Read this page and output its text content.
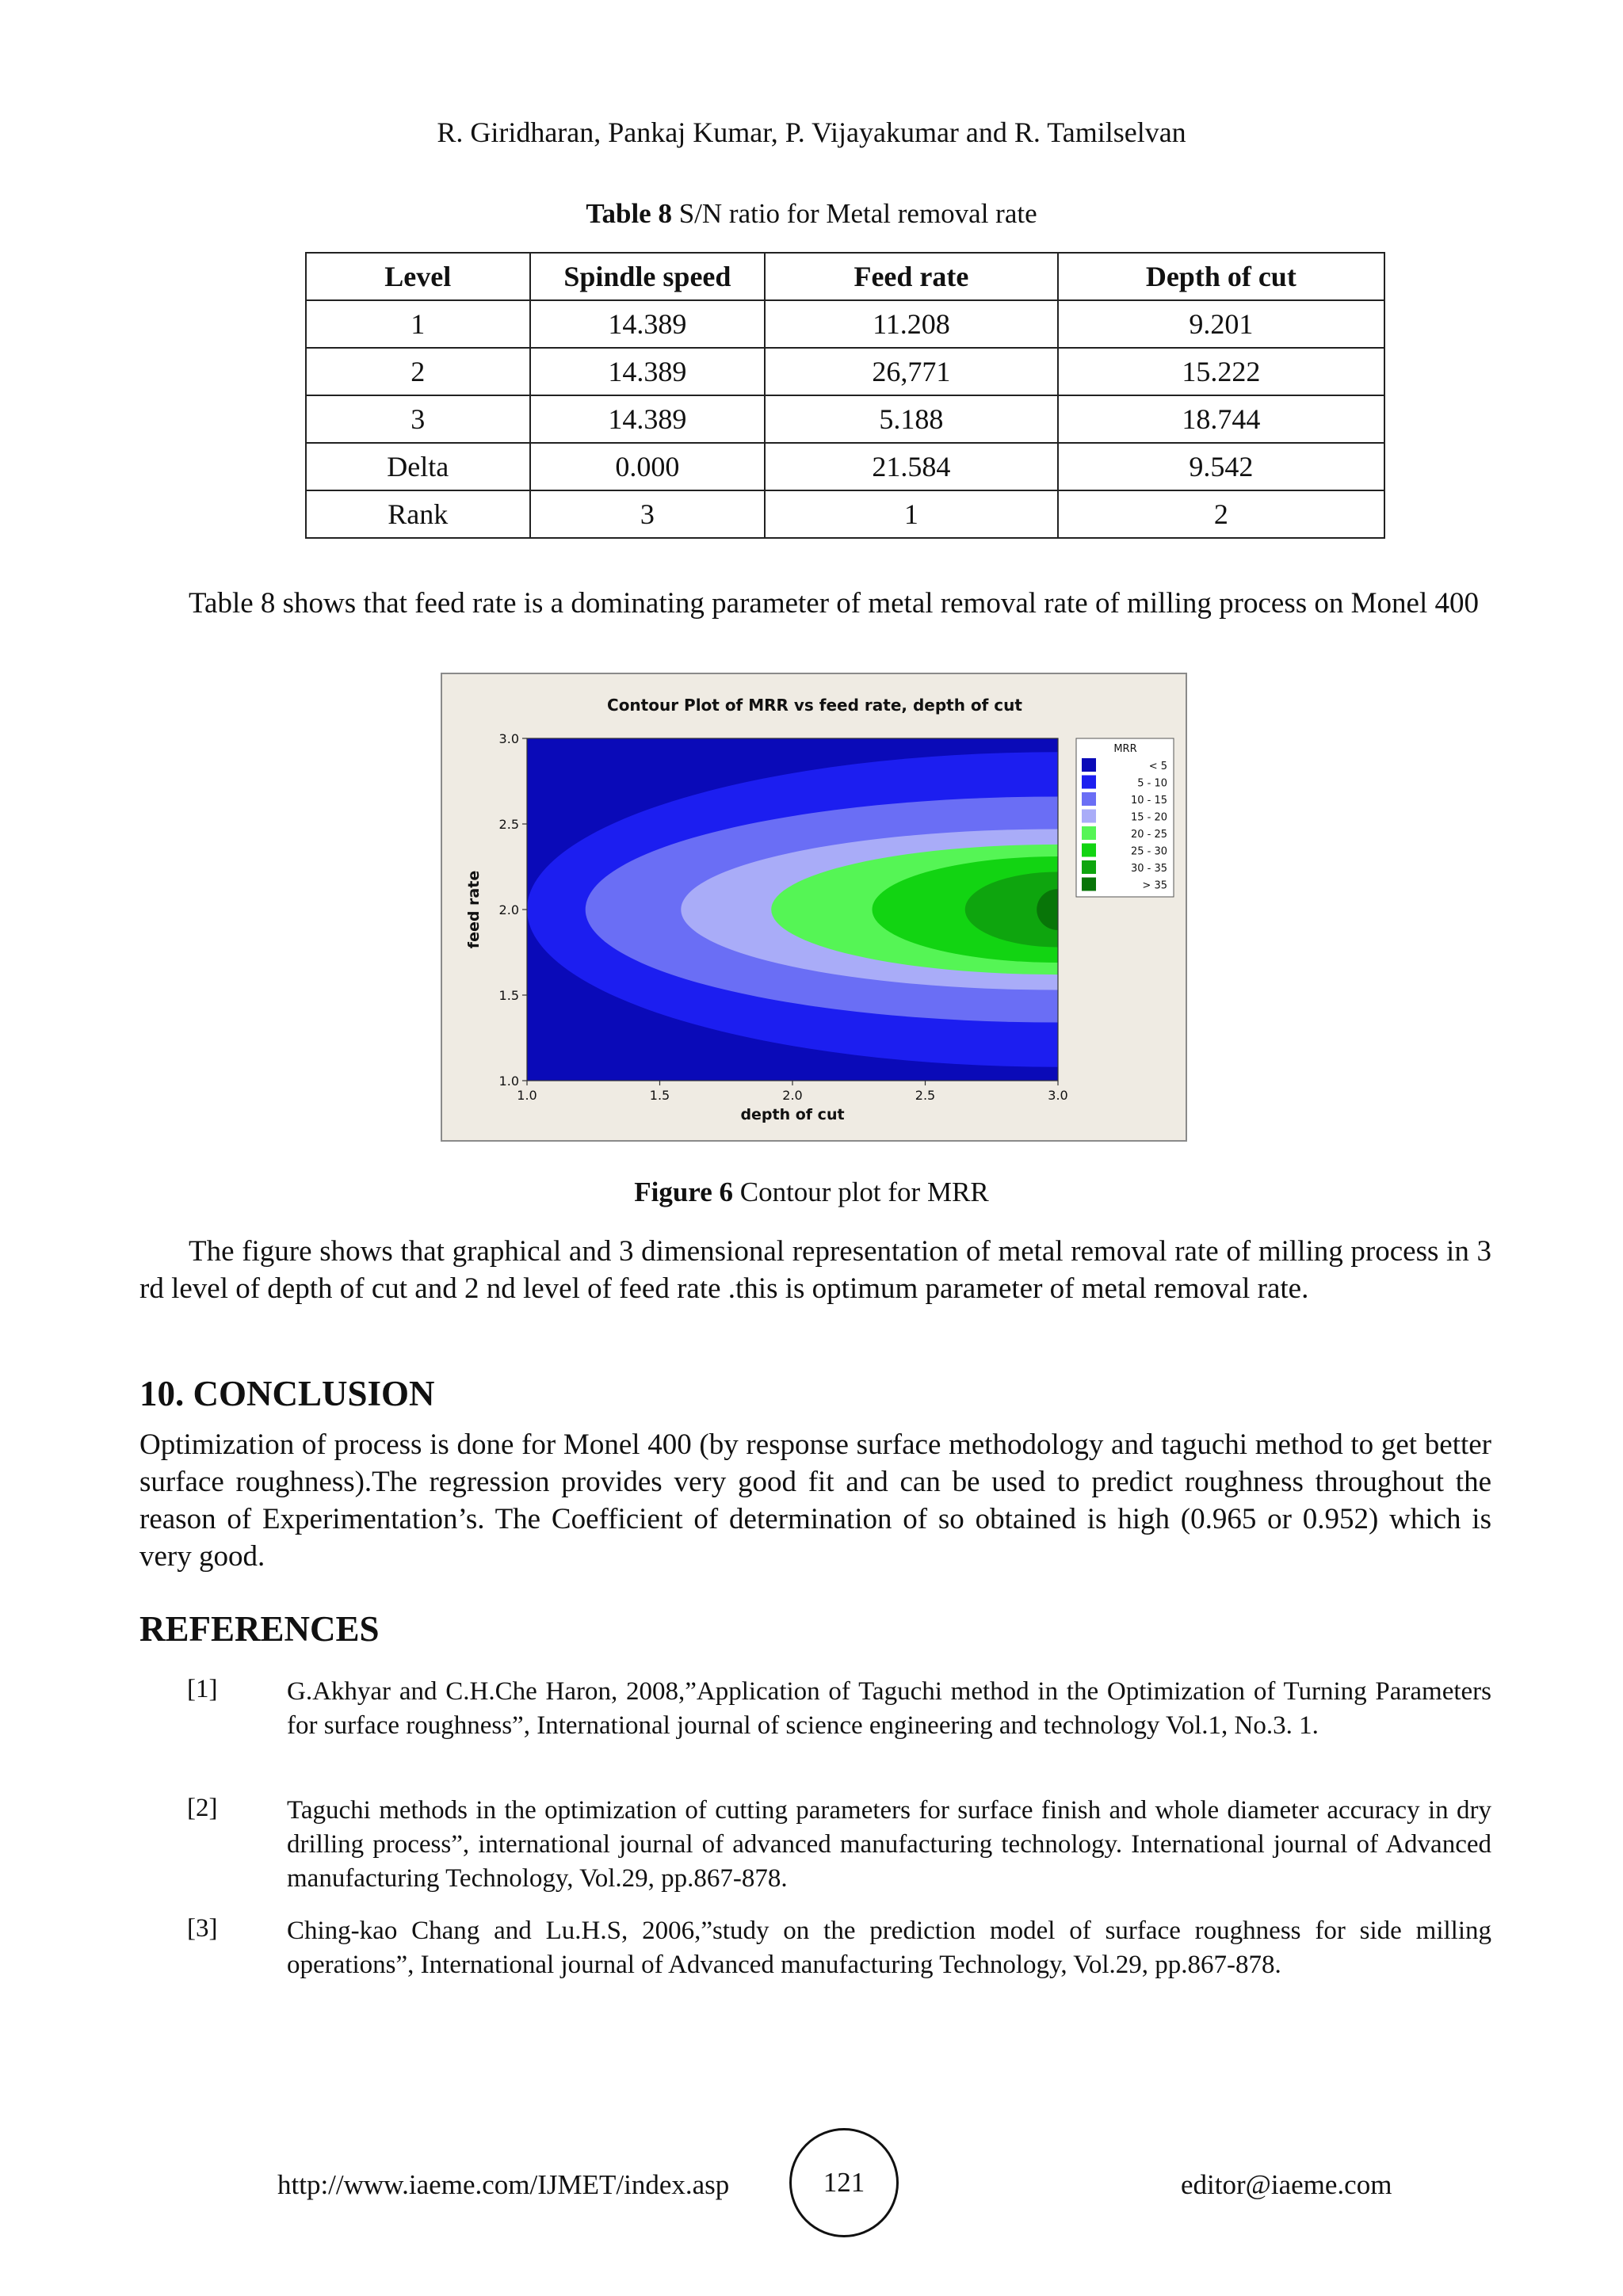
R. Giridharan, Pankaj Kumar, P. Vijayakumar and R. Tamilselvan
Table 8 S/N ratio for Metal removal rate
Level	Spindle speed	Feed rate	Depth of cut
1	14.389	11.208	9.201
2	14.389	26,771	15.222
3	14.389	5.188	18.744
Delta	0.000	21.584	9.542
Rank	3	1	2
Table 8 shows that feed rate is a dominating parameter of metal removal rate of milling process on Monel 400
Contour Plot of MRR vs feed rate, depth of cut
1.0	1.5	2.0	2.5	3.0
1.0
1.5
2.0
2.5
3.0
depth of cut
feed rate
MRR
< 5
5 - 10
10 - 15
15 - 20
20 - 25
25 - 30
30 - 35
> 35
Figure 6 Contour plot for MRR
The figure shows that graphical and 3 dimensional representation of metal removal rate of milling process in 3 rd level of depth of cut and 2 nd level of feed rate .this is optimum parameter of metal removal rate.
10. CONCLUSION
Optimization of process is done for Monel 400 (by response surface methodology and taguchi method to get better surface roughness).The regression provides very good fit and can be used to predict roughness throughout the reason of Experimentation’s. The Coefficient of determination of so obtained is high (0.965 or 0.952) which is very good.
REFERENCES
[1]	G.Akhyar and C.H.Che Haron, 2008,”Application of Taguchi method in the Optimization of Turning Parameters for surface roughness”, International journal of science engineering and technology Vol.1, No.3. 1.
[2]	Taguchi methods in the optimization of cutting parameters for surface finish and whole diameter accuracy in dry drilling process”, international journal of advanced manufacturing technology. International journal of Advanced manufacturing Technology, Vol.29, pp.867-878.
[3]	Ching-kao Chang and Lu.H.S, 2006,”study on the prediction model of surface roughness for side milling operations”, International journal of Advanced manufacturing Technology, Vol.29, pp.867-878.
http://www.iaeme.com/IJMET/index.asp	121	editor@iaeme.com
